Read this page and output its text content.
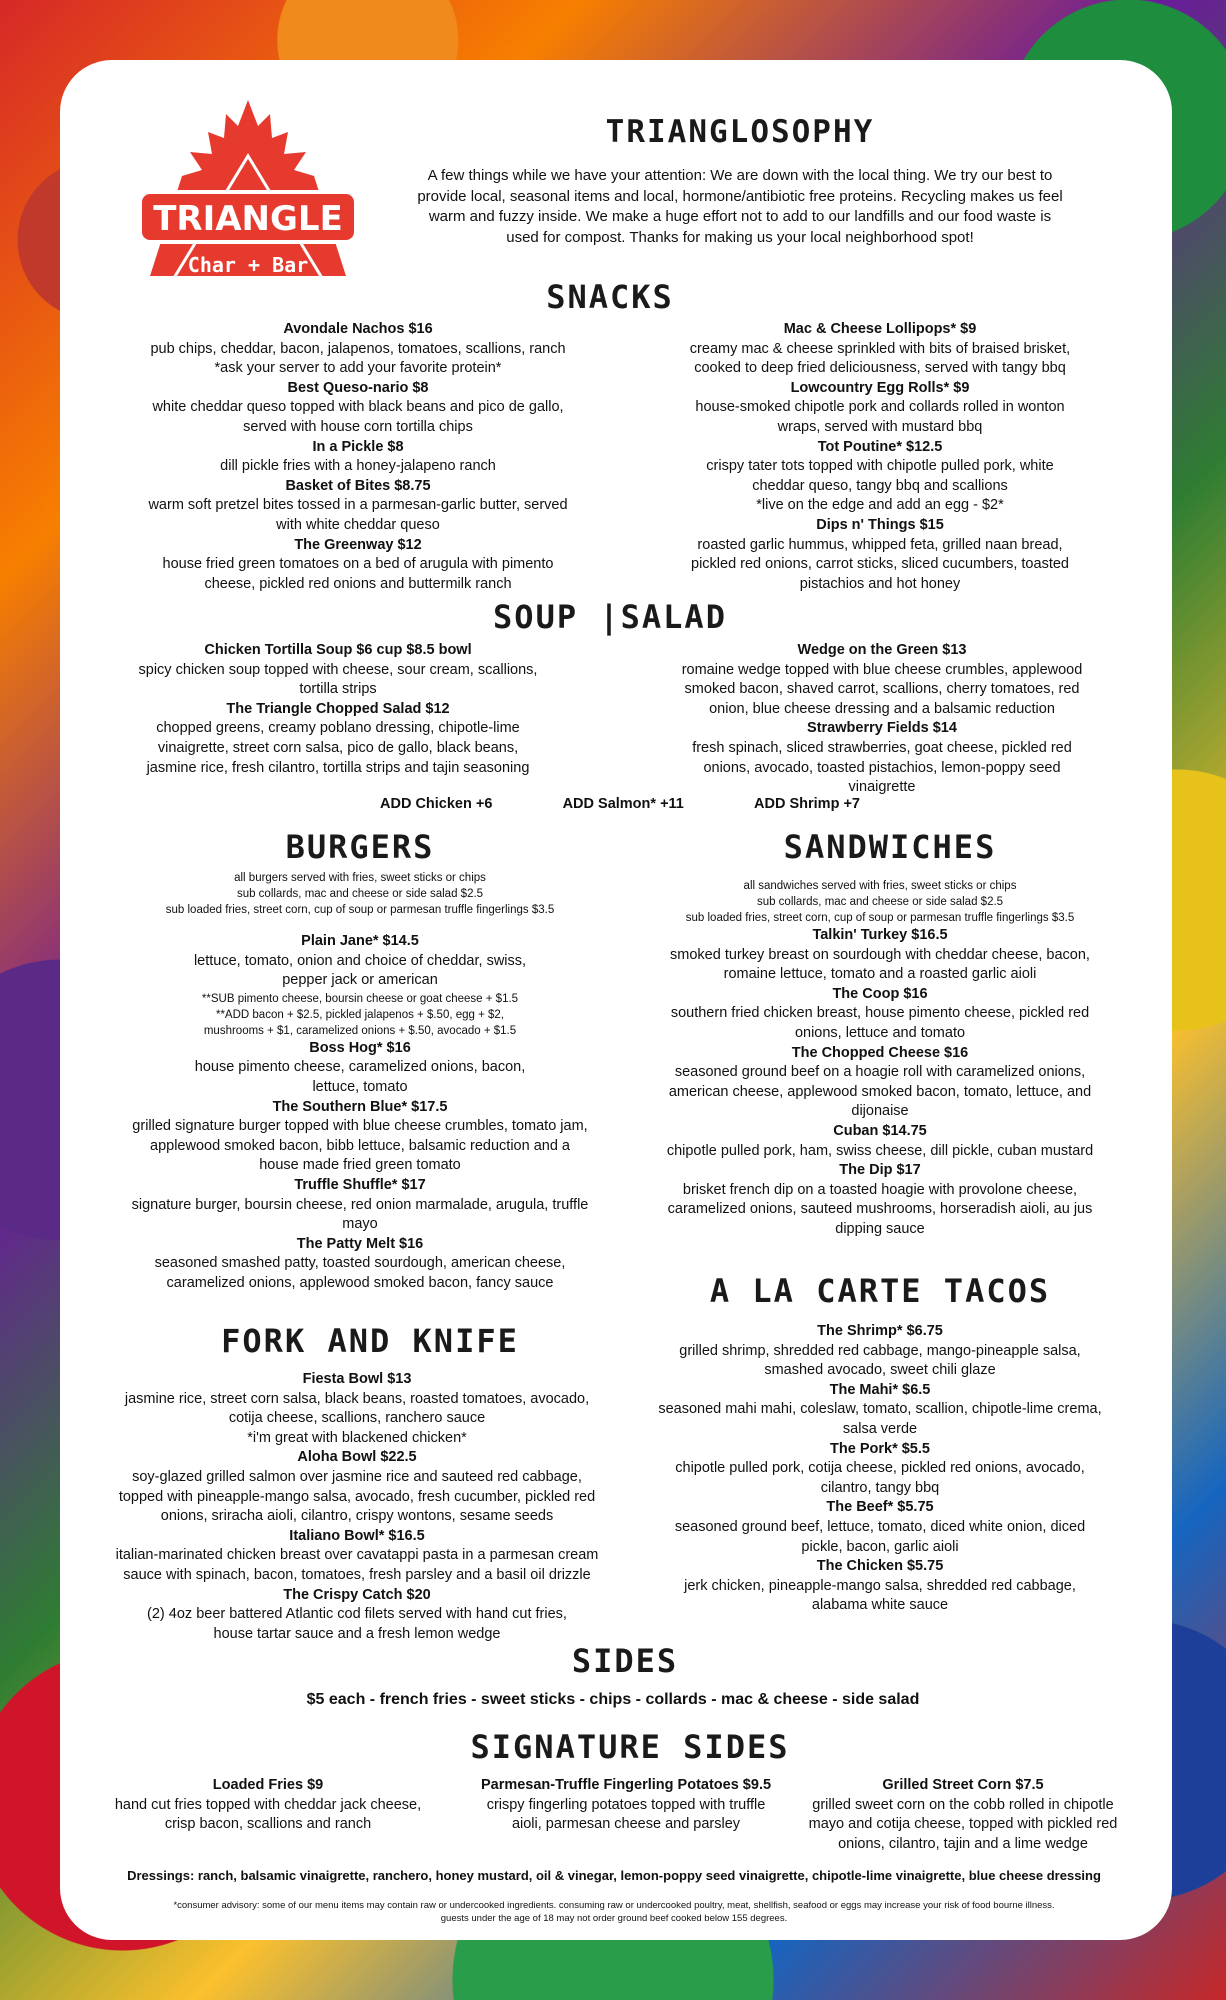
TRIANGLE
Char + Bar
TRIANGLOSOPHY
A few things while we have your attention: We are down with the local thing. We try our best to provide local, seasonal items and local, hormone/antibiotic free proteins. Recycling makes us feel warm and fuzzy inside. We make a huge effort not to add to our landfills and our food waste is used for compost. Thanks for making us your local neighborhood spot!
SNACKS
Avondale Nachos $16
pub chips, cheddar, bacon, jalapenos, tomatoes, scallions, ranch
*ask your server to add your favorite protein*
Best Queso-nario $8
white cheddar queso topped with black beans and pico de gallo, served with house corn tortilla chips
In a Pickle $8
dill pickle fries with a honey-jalapeno ranch
Basket of Bites $8.75
warm soft pretzel bites tossed in a parmesan-garlic butter, served with white cheddar queso
The Greenway $12
house fried green tomatoes on a bed of arugula with pimento cheese, pickled red onions and buttermilk ranch
Mac & Cheese Lollipops* $9
creamy mac & cheese sprinkled with bits of braised brisket, cooked to deep fried deliciousness, served with tangy bbq
Lowcountry Egg Rolls* $9
house-smoked chipotle pork and collards rolled in wonton wraps, served with mustard bbq
Tot Poutine* $12.5
crispy tater tots topped with chipotle pulled pork, white cheddar queso, tangy bbq and scallions
*live on the edge and add an egg - $2*
Dips n' Things $15
roasted garlic hummus, whipped feta, grilled naan bread, pickled red onions, carrot sticks, sliced cucumbers, toasted pistachios and hot honey
SOUP |SALAD
Chicken Tortilla Soup $6 cup $8.5 bowl
spicy chicken soup topped with cheese, sour cream, scallions, tortilla strips
The Triangle Chopped Salad $12
chopped greens, creamy poblano dressing, chipotle-lime vinaigrette, street corn salsa, pico de gallo, black beans, jasmine rice, fresh cilantro, tortilla strips and tajin seasoning
Wedge on the Green $13
romaine wedge topped with blue cheese crumbles, applewood smoked bacon, shaved carrot, scallions, cherry tomatoes, red onion, blue cheese dressing and a balsamic reduction
Strawberry Fields $14
fresh spinach, sliced strawberries, goat cheese, pickled red onions, avocado, toasted pistachios, lemon-poppy seed vinaigrette
ADD Chicken +6	ADD Salmon* +11	ADD Shrimp +7
BURGERS
all burgers served with fries, sweet sticks or chips
sub collards, mac and cheese or side salad $2.5
sub loaded fries, street corn, cup of soup or parmesan truffle fingerlings $3.5
Plain Jane* $14.5
lettuce, tomato, onion and choice of cheddar, swiss, pepper jack or american
**SUB pimento cheese, boursin cheese or goat cheese + $1.5
**ADD bacon + $2.5, pickled jalapenos + $.50, egg + $2, mushrooms + $1, caramelized onions + $.50, avocado + $1.5
Boss Hog* $16
house pimento cheese, caramelized onions, bacon, lettuce, tomato
The Southern Blue* $17.5
grilled signature burger topped with blue cheese crumbles, tomato jam, applewood smoked bacon, bibb lettuce, balsamic reduction and a house made fried green tomato
Truffle Shuffle* $17
signature burger, boursin cheese, red onion marmalade, arugula, truffle mayo
The Patty Melt $16
seasoned smashed patty, toasted sourdough, american cheese, caramelized onions, applewood smoked bacon, fancy sauce
SANDWICHES
all sandwiches served with fries, sweet sticks or chips
sub collards, mac and cheese or side salad $2.5
sub loaded fries, street corn, cup of soup or parmesan truffle fingerlings $3.5
Talkin' Turkey $16.5
smoked turkey breast on sourdough with cheddar cheese, bacon, romaine lettuce, tomato and a roasted garlic aioli
The Coop $16
southern fried chicken breast, house pimento cheese, pickled red onions, lettuce and tomato
The Chopped Cheese $16
seasoned ground beef on a hoagie roll with caramelized onions, american cheese, applewood smoked bacon, tomato, lettuce, and dijonaise
Cuban $14.75
chipotle pulled pork, ham, swiss cheese, dill pickle, cuban mustard
The Dip $17
brisket french dip on a toasted hoagie with provolone cheese, caramelized onions, sauteed mushrooms, horseradish aioli, au jus dipping sauce
FORK AND KNIFE
Fiesta Bowl $13
jasmine rice, street corn salsa, black beans, roasted tomatoes, avocado, cotija cheese, scallions, ranchero sauce
*i'm great with blackened chicken*
Aloha Bowl $22.5
soy-glazed grilled salmon over jasmine rice and sauteed red cabbage, topped with pineapple-mango salsa, avocado, fresh cucumber, pickled red onions, sriracha aioli, cilantro, crispy wontons, sesame seeds
Italiano Bowl* $16.5
italian-marinated chicken breast over cavatappi pasta in a parmesan cream sauce with spinach, bacon, tomatoes, fresh parsley and a basil oil drizzle
The Crispy Catch $20
(2) 4oz beer battered Atlantic cod filets served with hand cut fries, house tartar sauce and a fresh lemon wedge
A LA CARTE TACOS
The Shrimp* $6.75
grilled shrimp, shredded red cabbage, mango-pineapple salsa, smashed avocado, sweet chili glaze
The Mahi* $6.5
seasoned mahi mahi, coleslaw, tomato, scallion, chipotle-lime crema, salsa verde
The Pork* $5.5
chipotle pulled pork, cotija cheese, pickled red onions, avocado, cilantro, tangy bbq
The Beef* $5.75
seasoned ground beef, lettuce, tomato, diced white onion, diced pickle, bacon, garlic aioli
The Chicken $5.75
jerk chicken, pineapple-mango salsa, shredded red cabbage, alabama white sauce
SIDES
$5 each - french fries - sweet sticks - chips - collards - mac & cheese - side salad
SIGNATURE SIDES
Loaded Fries $9
hand cut fries topped with cheddar jack cheese, crisp bacon, scallions and ranch
Parmesan-Truffle Fingerling Potatoes $9.5
crispy fingerling potatoes topped with truffle aioli, parmesan cheese and parsley
Grilled Street Corn $7.5
grilled sweet corn on the cobb rolled in chipotle mayo and cotija cheese, topped with pickled red onions, cilantro, tajin and a lime wedge
Dressings: ranch, balsamic vinaigrette, ranchero, honey mustard, oil & vinegar, lemon-poppy seed vinaigrette, chipotle-lime vinaigrette, blue cheese dressing
*consumer advisory: some of our menu items may contain raw or undercooked ingredients. consuming raw or undercooked poultry, meat, shellfish, seafood or eggs may increase your risk of food bourne illness.
guests under the age of 18 may not order ground beef cooked below 155 degrees.
